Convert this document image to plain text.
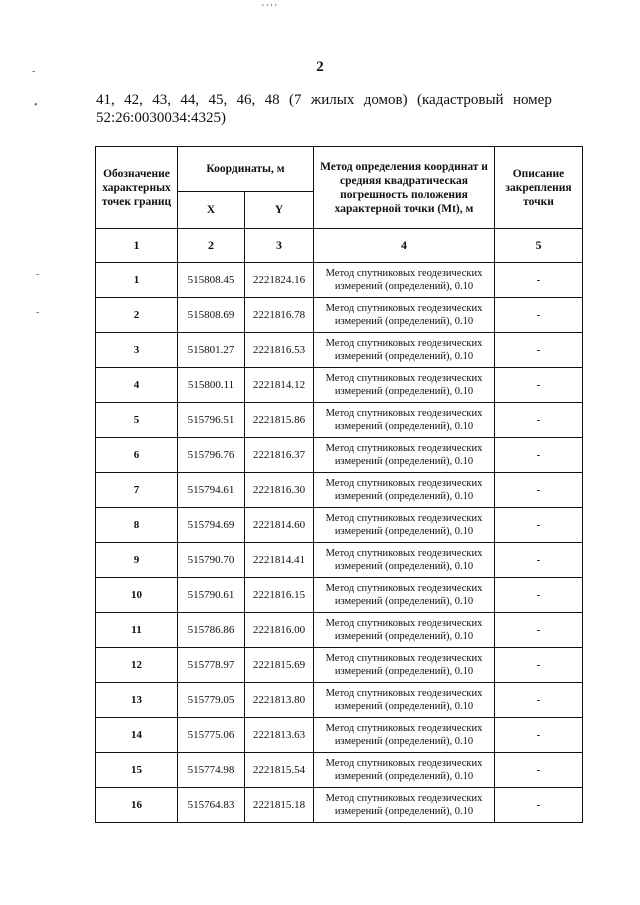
' ' ' '
-
•
-
-
2
41, 42, 43, 44, 45, 46, 48 (7 жилых домов) (кадастровый номер
52:26:0030034:4325)
Обозначение характерных точек границ	Координаты, м		Метод определения координат и средняя квадратическая погрешность положения характерной точки (Mt), м	Описание закрепления точки
	X	Y		
1	2	3	4	5
1	515808.45	2221824.16	Метод спутниковых геодезических измерений (определений), 0.10	-
2	515808.69	2221816.78	Метод спутниковых геодезических измерений (определений), 0.10	-
3	515801.27	2221816.53	Метод спутниковых геодезических измерений (определений), 0.10	-
4	515800.11	2221814.12	Метод спутниковых геодезических измерений (определений), 0.10	-
5	515796.51	2221815.86	Метод спутниковых геодезических измерений (определений), 0.10	-
6	515796.76	2221816.37	Метод спутниковых геодезических измерений (определений), 0.10	-
7	515794.61	2221816.30	Метод спутниковых геодезических измерений (определений), 0.10	-
8	515794.69	2221814.60	Метод спутниковых геодезических измерений (определений), 0.10	-
9	515790.70	2221814.41	Метод спутниковых геодезических измерений (определений), 0.10	-
10	515790.61	2221816.15	Метод спутниковых геодезических измерений (определений), 0.10	-
11	515786.86	2221816.00	Метод спутниковых геодезических измерений (определений), 0.10	-
12	515778.97	2221815.69	Метод спутниковых геодезических измерений (определений), 0.10	-
13	515779.05	2221813.80	Метод спутниковых геодезических измерений (определений), 0.10	-
14	515775.06	2221813.63	Метод спутниковых геодезических измерений (определений), 0.10	-
15	515774.98	2221815.54	Метод спутниковых геодезических измерений (определений), 0.10	-
16	515764.83	2221815.18	Метод спутниковых геодезических измерений (определений), 0.10	-
